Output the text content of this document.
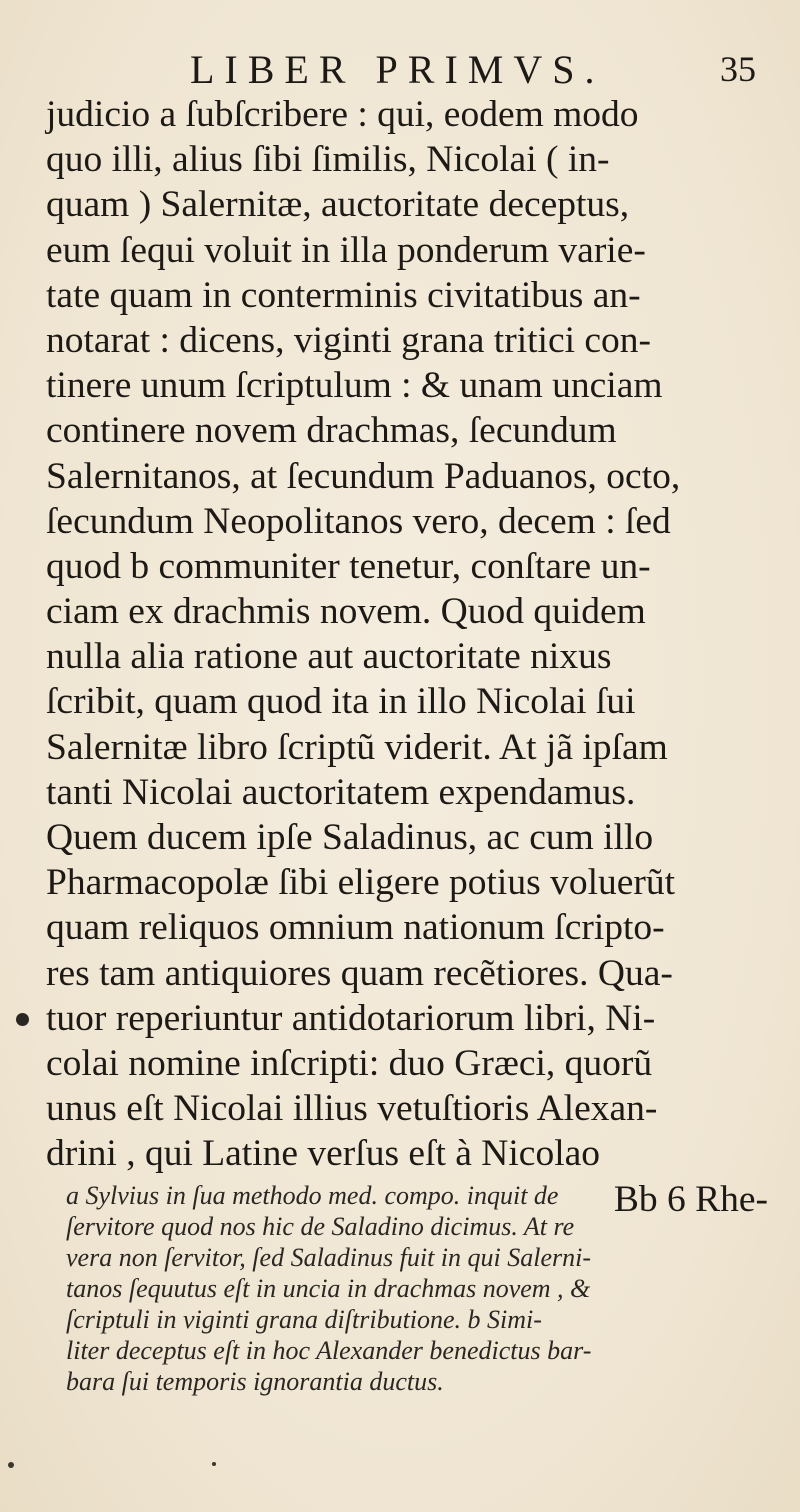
LIBER PRIMVS.	35
judicio a ſubſcribere : qui, eodem modo
quo illi, alius ſibi ſimilis, Nicolai ( in-
quam ) Salernitæ, auctoritate deceptus,
eum ſequi voluit in illa ponderum varie-
tate quam in conterminis civitatibus an-
notarat : dicens, viginti grana tritici con-
tinere unum ſcriptulum : & unam unciam
continere novem drachmas, ſecundum
Salernitanos, at ſecundum Paduanos, octo,
ſecundum Neopolitanos vero, decem : ſed
quod b communiter tenetur, conſtare un-
ciam ex drachmis novem. Quod quidem
nulla alia ratione aut auctoritate nixus
ſcribit, quam quod ita in illo Nicolai ſui
Salernitæ libro ſcriptũ viderit. At jã ipſam
tanti Nicolai auctoritatem expendamus.
Quem ducem ipſe Saladinus, ac cum illo
Pharmacopolæ ſibi eligere potius voluerũt
quam reliquos omnium nationum ſcripto-
res tam antiquiores quam recẽtiores. Qua-
tuor reperiuntur antidotariorum libri, Ni-
colai nomine inſcripti: duo Græci, quorũ
unus eſt Nicolai illius vetuſtioris Alexan-
drini , qui Latine verſus eſt à Nicolao
Bb 6 Rhe-
a Sylvius in ſua methodo med. compo. inquit de
ſervitore quod nos hic de Saladino dicimus. At re
vera non ſervitor, ſed Saladinus fuit in qui Salerni-
tanos ſequutus eſt in uncia in drachmas novem , &
ſcriptuli in viginti grana diſtributione. b Simi-
liter deceptus eſt in hoc Alexander benedictus bar-
bara ſui temporis ignorantia ductus.
